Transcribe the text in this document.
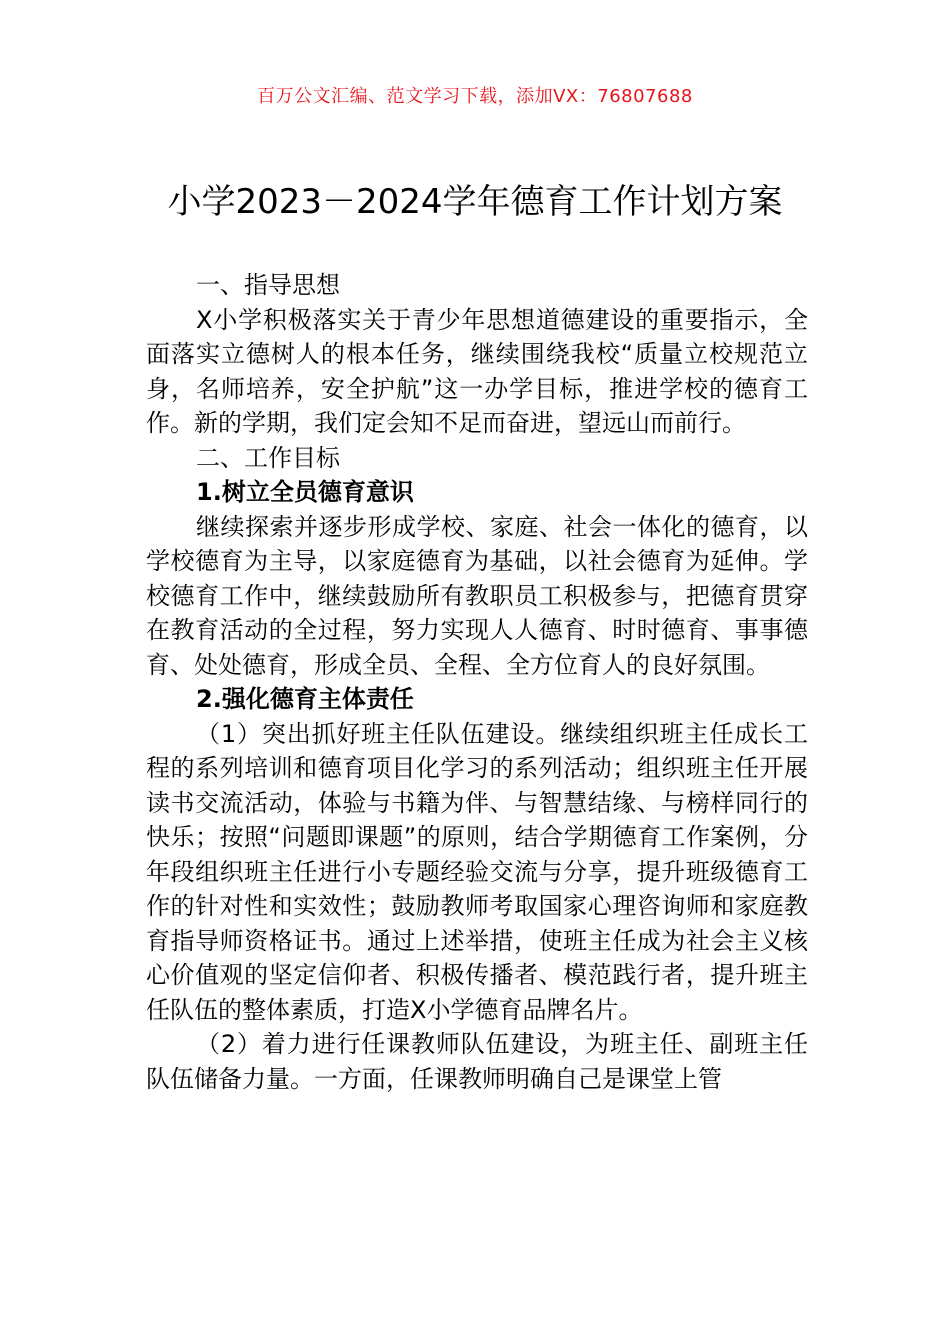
百万公文汇编、范文学习下载，添加VX：76807688
小学2023－2024学年德育工作计划方案

一、指导思想

X小学积极落实关于青少年思想道德建设的重要指示，全面落实立德树人的根本任务，继续围绕我校“质量立校规范立身，名师培养，安全护航”这一办学目标，推进学校的德育工作。新的学期，我们定会知不足而奋进，望远山而前行。

二、工作目标

1.树立全员德育意识

继续探索并逐步形成学校、家庭、社会一体化的德育，以学校德育为主导，以家庭德育为基础，以社会德育为延伸。学校德育工作中，继续鼓励所有教职员工积极参与，把德育贯穿在教育活动的全过程，努力实现人人德育、时时德育、事事德育、处处德育，形成全员、全程、全方位育人的良好氛围。

2.强化德育主体责任

（1）突出抓好班主任队伍建设。继续组织班主任成长工程的系列培训和德育项目化学习的系列活动；组织班主任开展读书交流活动，体验与书籍为伴、与智慧结缘、与榜样同行的快乐；按照“问题即课题”的原则，结合学期德育工作案例，分年段组织班主任进行小专题经验交流与分享，提升班级德育工作的针对性和实效性；鼓励教师考取国家心理咨询师和家庭教育指导师资格证书。通过上述举措，使班主任成为社会主义核心价值观的坚定信仰者、积极传播者、模范践行者，提升班主任队伍的整体素质，打造X小学德育品牌名片。

（2）着力进行任课教师队伍建设，为班主任、副班主任队伍储备力量。一方面，任课教师明确自己是课堂上管
